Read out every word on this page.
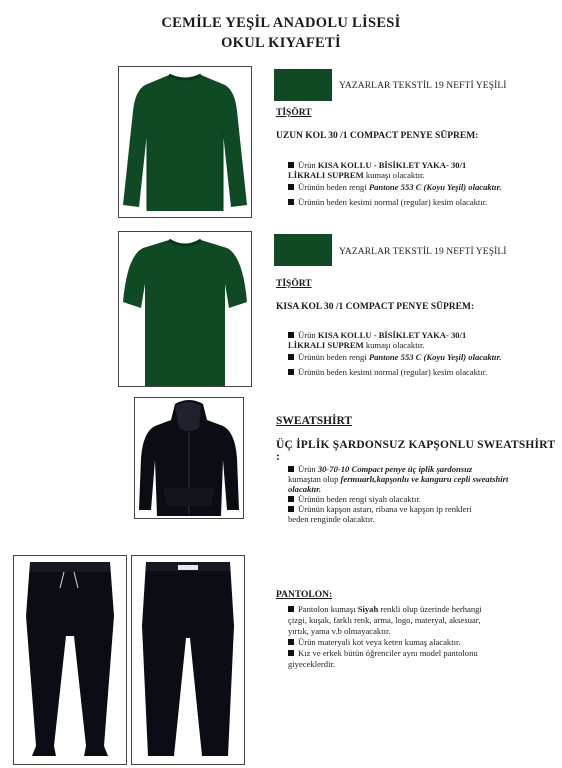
CEMİLE YEŞİL ANADOLU LİSESİ
OKUL KIYAFETİ
YAZARLAR TEKSTİL 19 NEFTİ YEŞİLİ
TİŞÖRT
UZUN KOL 30 /1 COMPACT PENYE SÜPREM:
Ürün KISA KOLLU - BİSİKLET YAKA- 30/1
LİKRALI SUPREM kumaşı olacaktır.
Ürünün beden rengi Pantone 553 C (Koyu Yeşil) olacaktır.
Ürünün beden kesimi normal (regular) kesim olacaktır.
YAZARLAR TEKSTİL 19 NEFTİ YEŞİLİ
TİŞÖRT
KISA KOL 30 /1 COMPACT PENYE SÜPREM:
Ürün KISA KOLLU - BİSİKLET YAKA- 30/1
LİKRALI SUPREM kumaşı olacaktır.
Ürünün beden rengi Pantone 553 C (Koyu Yeşil) olacaktır.
Ürünün beden kesimi normal (regular) kesim olacaktır.
SWEATSHİRT
ÜÇ İPLİK ŞARDONSUZ KAPŞONLU SWEATSHİRT :
Ürün 30-70-10 Compact penye üç iplik şardonsuz
kumaştan olup fermuarlı,kapşonlu ve kanguru cepli sweatshirt
olacaktır.
Ürünün beden rengi siyah olacaktır.
Ürünün kapşon astarı, ribana ve kapşon ip renkleri
beden renginde olacaktır.
PANTOLON:
Pantolon kumaşı Siyah renkli olup üzerinde herhangi
çizgi, kuşak, farklı renk, arma, logo, materyal, aksesuar,
yırtık, yama v.b olmayacaktır.
Ürün materyali kot veya keten kumaş alacaktır.
Kız ve erkek bütün öğrenciler aynı model pantolonu
giyeceklerdir.
